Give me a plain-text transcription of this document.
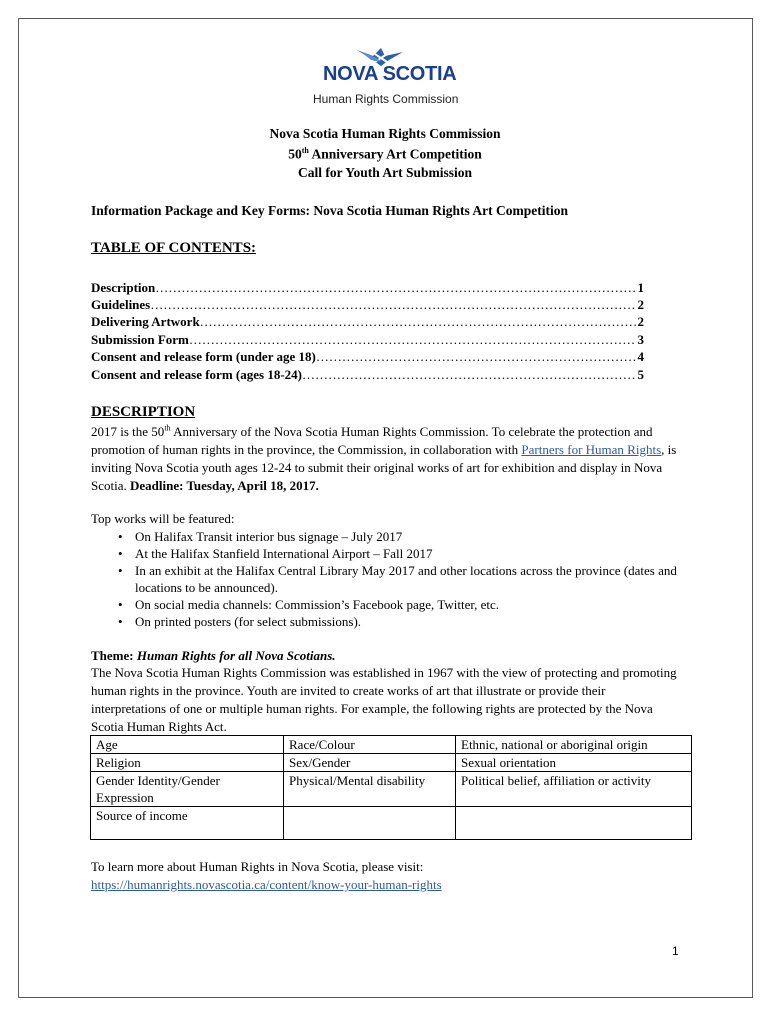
NOVA SCOTIA
Human Rights Commission
Nova Scotia Human Rights Commission
50th Anniversary Art Competition
Call for Youth Art Submission
Information Package and Key Forms: Nova Scotia Human Rights Art Competition
TABLE OF CONTENTS:
Description ……………………………………………………………………………………………………………………………………………………	1
Guidelines ……………………………………………………………………………………………………………………………………………………	2
Delivering Artwork ……………………………………………………………………………………………………………………………………………………	2
Submission Form ……………………………………………………………………………………………………………………………………………………	3
Consent and release form (under age 18) ……………………………………………………………………………………………………………………………………………………	4
Consent and release form (ages 18-24) ……………………………………………………………………………………………………………………………………………………	5
DESCRIPTION
2017 is the 50th Anniversary of the Nova Scotia Human Rights Commission. To celebrate the protection and promotion of human rights in the province, the Commission, in collaboration with Partners for Human Rights, is inviting Nova Scotia youth ages 12-24 to submit their original works of art for exhibition and display in Nova Scotia. Deadline: Tuesday, April 18, 2017.
Top works will be featured:
• On Halifax Transit interior bus signage – July 2017
• At the Halifax Stanfield International Airport – Fall 2017
• In an exhibit at the Halifax Central Library May 2017 and other locations across the province (dates and locations to be announced).
• On social media channels: Commission’s Facebook page, Twitter, etc.
• On printed posters (for select submissions).
Theme: Human Rights for all Nova Scotians.
The Nova Scotia Human Rights Commission was established in 1967 with the view of protecting and promoting human rights in the province. Youth are invited to create works of art that illustrate or provide their interpretations of one or multiple human rights. For example, the following rights are protected by the Nova Scotia Human Rights Act.
Age	Race/Colour	Ethnic, national or aboriginal origin
Religion	Sex/Gender	Sexual orientation
Gender Identity/Gender Expression	Physical/Mental disability	Political belief, affiliation or activity
Source of income		
To learn more about Human Rights in Nova Scotia, please visit:
https://humanrights.novascotia.ca/content/know-your-human-rights
1
